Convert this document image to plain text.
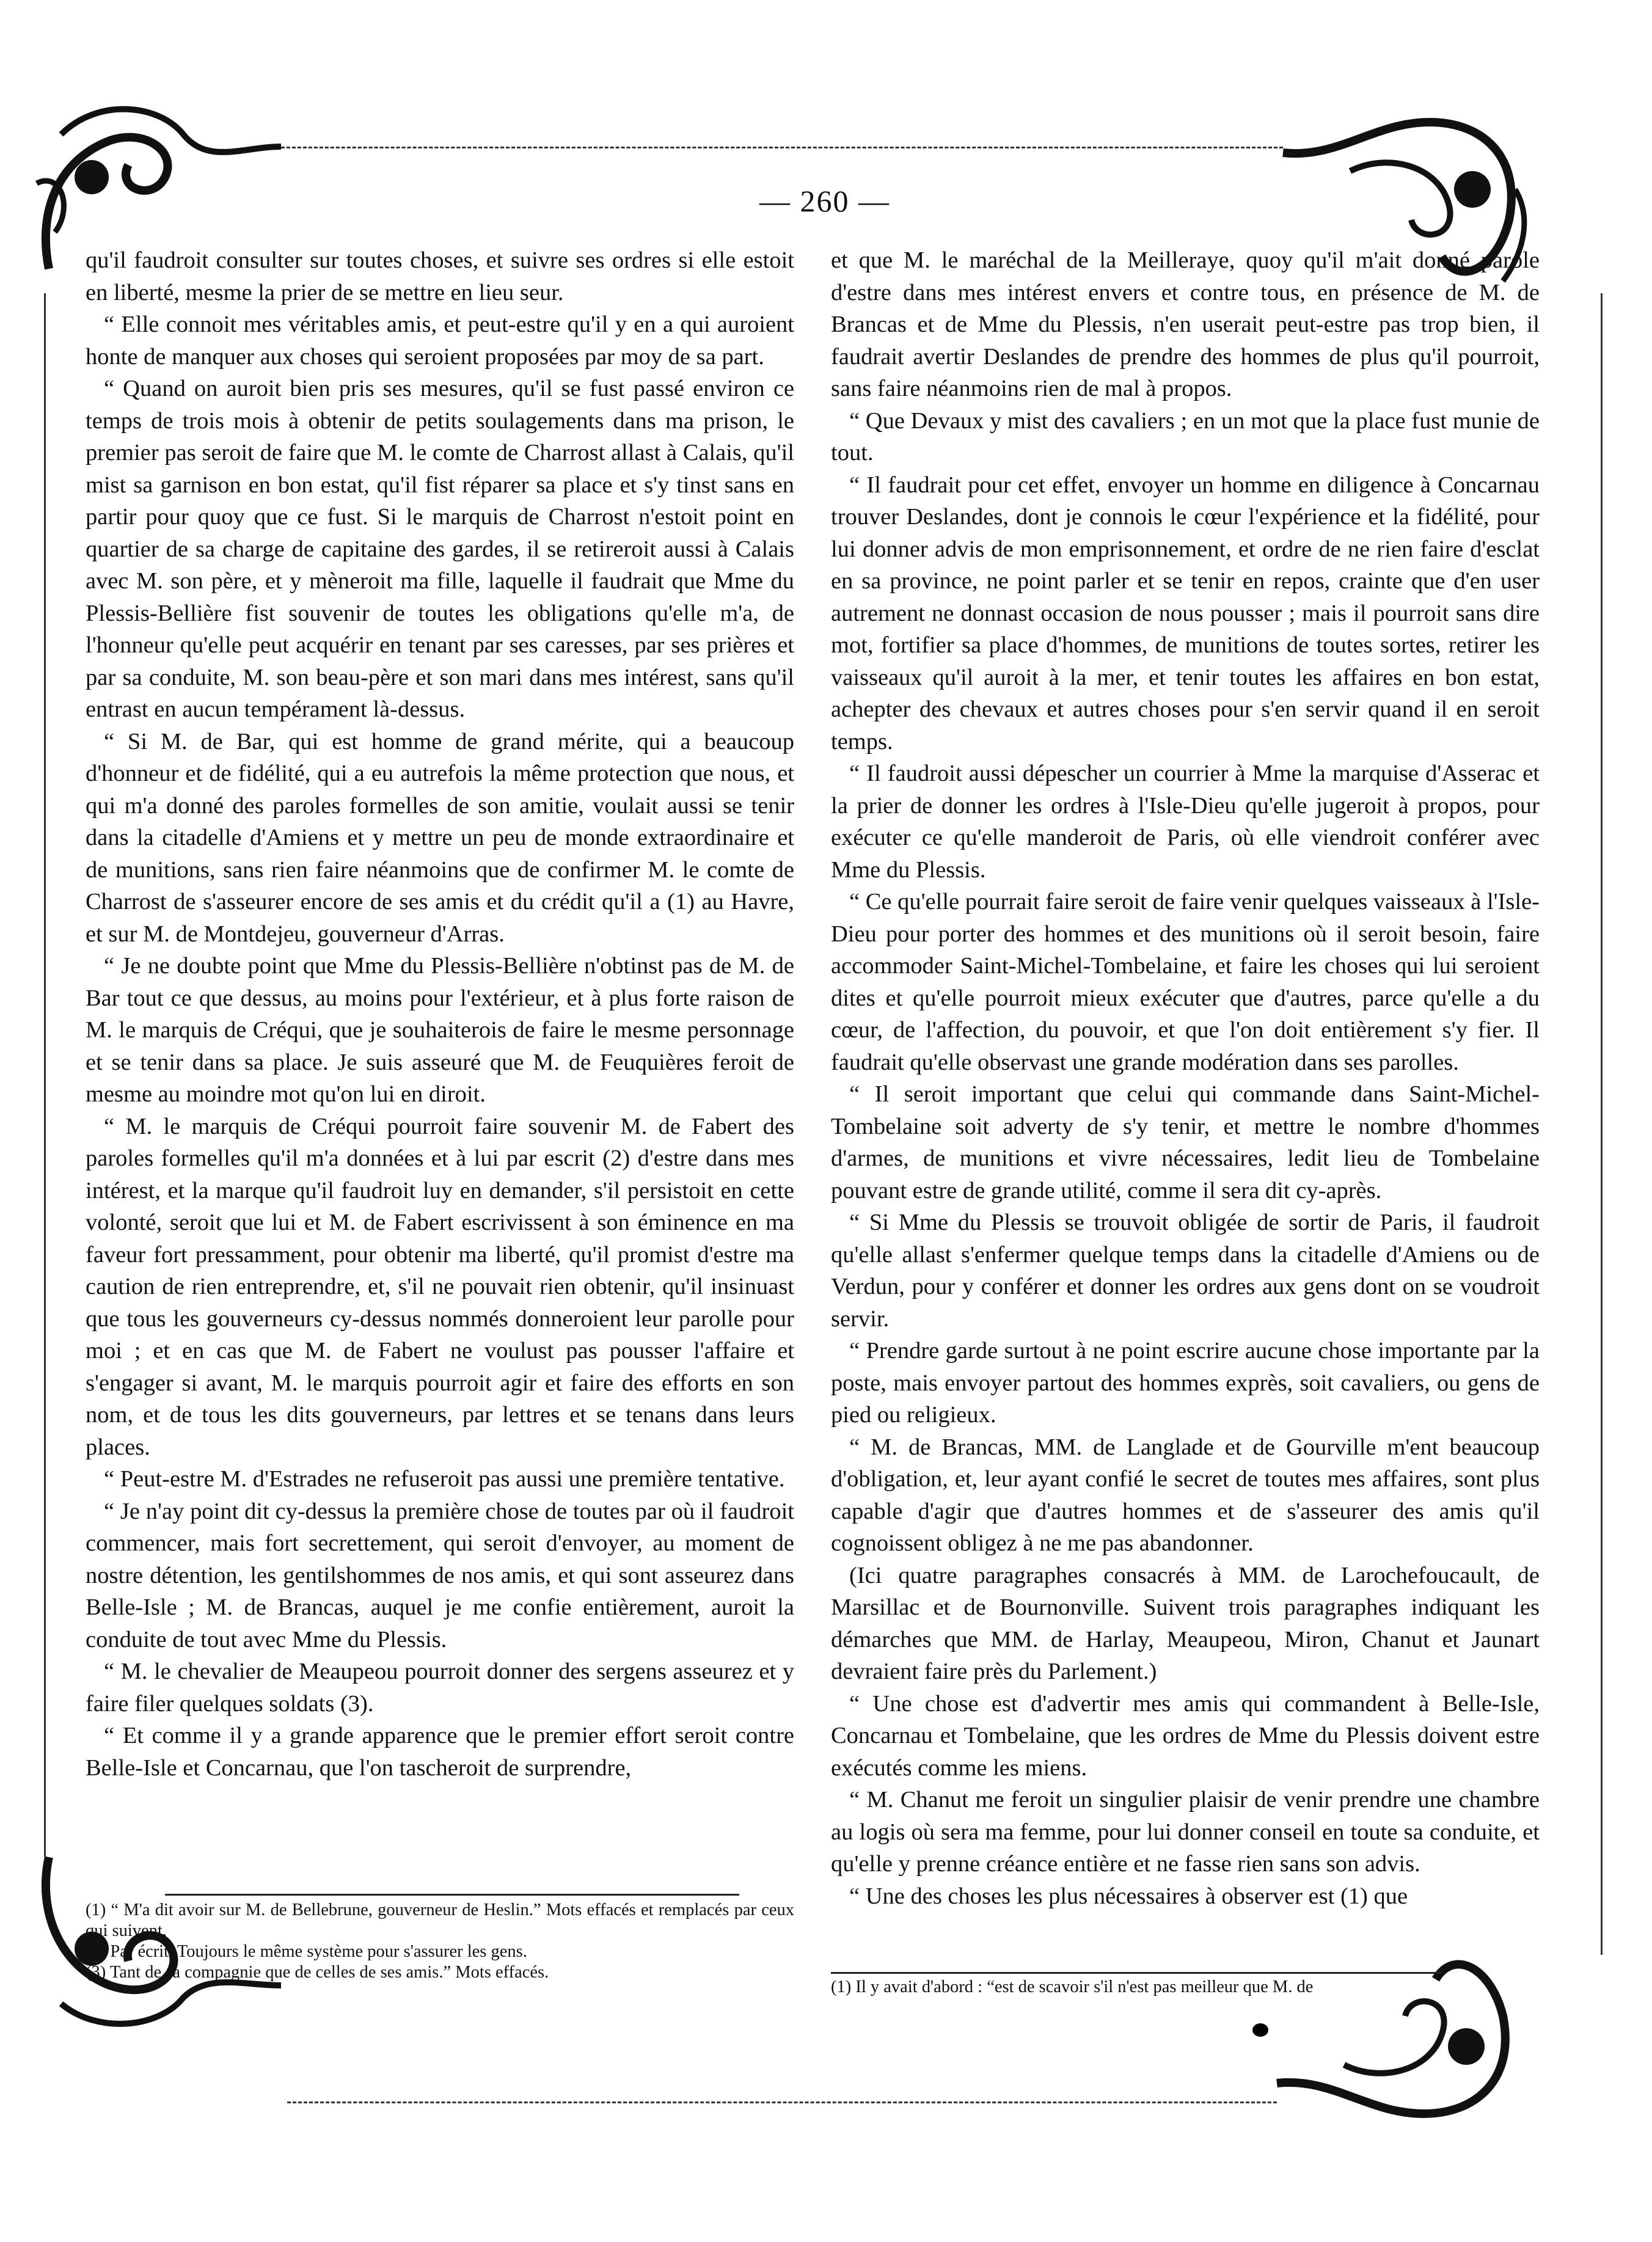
— 260 —

qu'il faudroit consulter sur toutes choses, et suivre ses ordres si elle estoit en liberté, mesme la prier de se mettre en lieu seur.

“ Elle connoit mes véritables amis, et peut-estre qu'il y en a qui auroient honte de manquer aux choses qui seroient proposées par moy de sa part.

“ Quand on auroit bien pris ses mesures, qu'il se fust passé environ ce temps de trois mois à obtenir de petits soulagements dans ma prison, le premier pas seroit de faire que M. le comte de Charrost allast à Calais, qu'il mist sa garnison en bon estat, qu'il fist réparer sa place et s'y tinst sans en partir pour quoy que ce fust. Si le marquis de Charrost n'estoit point en quartier de sa charge de capitaine des gardes, il se retireroit aussi à Calais avec M. son père, et y mèneroit ma fille, laquelle il faudrait que Mme du Plessis-Bellière fist souvenir de toutes les obligations qu'elle m'a, de l'honneur qu'elle peut acquérir en tenant par ses caresses, par ses prières et par sa conduite, M. son beau-père et son mari dans mes intérest, sans qu'il entrast en aucun tempérament là-dessus.

“ Si M. de Bar, qui est homme de grand mérite, qui a beaucoup d'honneur et de fidélité, qui a eu autrefois la même protection que nous, et qui m'a donné des paroles formelles de son amitie, voulait aussi se tenir dans la citadelle d'Amiens et y mettre un peu de monde extraordinaire et de munitions, sans rien faire néanmoins que de confirmer M. le comte de Charrost de s'asseurer encore de ses amis et du crédit qu'il a (1) au Havre, et sur M. de Montdejeu, gouverneur d'Arras.

“ Je ne doubte point que Mme du Plessis-Bellière n'obtinst pas de M. de Bar tout ce que dessus, au moins pour l'extérieur, et à plus forte raison de M. le marquis de Créqui, que je souhaiterois de faire le mesme personnage et se tenir dans sa place. Je suis asseuré que M. de Feuquières feroit de mesme au moindre mot qu'on lui en diroit.

“ M. le marquis de Créqui pourroit faire souvenir M. de Fabert des paroles formelles qu'il m'a données et à lui par escrit (2) d'estre dans mes intérest, et la marque qu'il faudroit luy en demander, s'il persistoit en cette volonté, seroit que lui et M. de Fabert escrivissent à son éminence en ma faveur fort pressamment, pour obtenir ma liberté, qu'il promist d'estre ma caution de rien entreprendre, et, s'il ne pouvait rien obtenir, qu'il insinuast que tous les gouverneurs cy-dessus nommés donneroient leur parolle pour moi ; et en cas que M. de Fabert ne voulust pas pousser l'affaire et s'engager si avant, M. le marquis pourroit agir et faire des efforts en son nom, et de tous les dits gouverneurs, par lettres et se tenans dans leurs places.

“ Peut-estre M. d'Estrades ne refuseroit pas aussi une première tentative.

“ Je n'ay point dit cy-dessus la première chose de toutes par où il faudroit commencer, mais fort secrettement, qui seroit d'envoyer, au moment de nostre détention, les gentilshommes de nos amis, et qui sont asseurez dans Belle-Isle ; M. de Brancas, auquel je me confie entièrement, auroit la conduite de tout avec Mme du Plessis.

“ M. le chevalier de Meaupeou pourroit donner des sergens asseurez et y faire filer quelques soldats (3).

“ Et comme il y a grande apparence que le premier effort seroit contre Belle-Isle et Concarnau, que l'on tascheroit de surprendre,

et que M. le maréchal de la Meilleraye, quoy qu'il m'ait donné parole d'estre dans mes intérest envers et contre tous, en présence de M. de Brancas et de Mme du Plessis, n'en userait peut-estre pas trop bien, il faudrait avertir Deslandes de prendre des hommes de plus qu'il pourroit, sans faire néanmoins rien de mal à propos.

“ Que Devaux y mist des cavaliers ; en un mot que la place fust munie de tout.

“ Il faudrait pour cet effet, envoyer un homme en diligence à Concarnau trouver Deslandes, dont je connois le cœur l'expérience et la fidélité, pour lui donner advis de mon emprisonnement, et ordre de ne rien faire d'esclat en sa province, ne point parler et se tenir en repos, crainte que d'en user autrement ne donnast occasion de nous pousser ; mais il pourroit sans dire mot, fortifier sa place d'hommes, de munitions de toutes sortes, retirer les vaisseaux qu'il auroit à la mer, et tenir toutes les affaires en bon estat, achepter des chevaux et autres choses pour s'en servir quand il en seroit temps.

“ Il faudroit aussi dépescher un courrier à Mme la marquise d'Asserac et la prier de donner les ordres à l'Isle-Dieu qu'elle jugeroit à propos, pour exécuter ce qu'elle manderoit de Paris, où elle viendroit conférer avec Mme du Plessis.

“ Ce qu'elle pourrait faire seroit de faire venir quelques vaisseaux à l'Isle-Dieu pour porter des hommes et des munitions où il seroit besoin, faire accommoder Saint-Michel-Tombelaine, et faire les choses qui lui seroient dites et qu'elle pourroit mieux exécuter que d'autres, parce qu'elle a du cœur, de l'affection, du pouvoir, et que l'on doit entièrement s'y fier. Il faudrait qu'elle observast une grande modération dans ses parolles.

“ Il seroit important que celui qui commande dans Saint-Michel-Tombelaine soit adverty de s'y tenir, et mettre le nombre d'hommes d'armes, de munitions et vivre nécessaires, ledit lieu de Tombelaine pouvant estre de grande utilité, comme il sera dit cy-après.

“ Si Mme du Plessis se trouvoit obligée de sortir de Paris, il faudroit qu'elle allast s'enfermer quelque temps dans la citadelle d'Amiens ou de Verdun, pour y conférer et donner les ordres aux gens dont on se voudroit servir.

“ Prendre garde surtout à ne point escrire aucune chose importante par la poste, mais envoyer partout des hommes exprès, soit cavaliers, ou gens de pied ou religieux.

“ M. de Brancas, MM. de Langlade et de Gourville m'ent beaucoup d'obligation, et, leur ayant confié le secret de toutes mes affaires, sont plus capable d'agir que d'autres hommes et de s'asseurer des amis qu'il cognoissent obligez à ne me pas abandonner.

(Ici quatre paragraphes consacrés à MM. de Larochefoucault, de Marsillac et de Bournonville. Suivent trois paragraphes indiquant les démarches que MM. de Harlay, Meaupeou, Miron, Chanut et Jaunart devraient faire près du Parlement.)

“ Une chose est d'advertir mes amis qui commandent à Belle-Isle, Concarnau et Tombelaine, que les ordres de Mme du Plessis doivent estre exécutés comme les miens.

“ M. Chanut me feroit un singulier plaisir de venir prendre une chambre au logis où sera ma femme, pour lui donner conseil en toute sa conduite, et qu'elle y prenne créance entière et ne fasse rien sans son advis.

“ Une des choses les plus nécessaires à observer est (1) que

(1) “ M'a dit avoir sur M. de Bellebrune, gouverneur de Heslin.” Mots effacés et remplacés par ceux qui suivent.

(2) Par écrit. Toujours le même système pour s'assurer les gens.

(3) Tant de sa compagnie que de celles de ses amis.” Mots effacés.

(1) Il y avait d'abord : “est de scavoir s'il n'est pas meilleur que M. de
